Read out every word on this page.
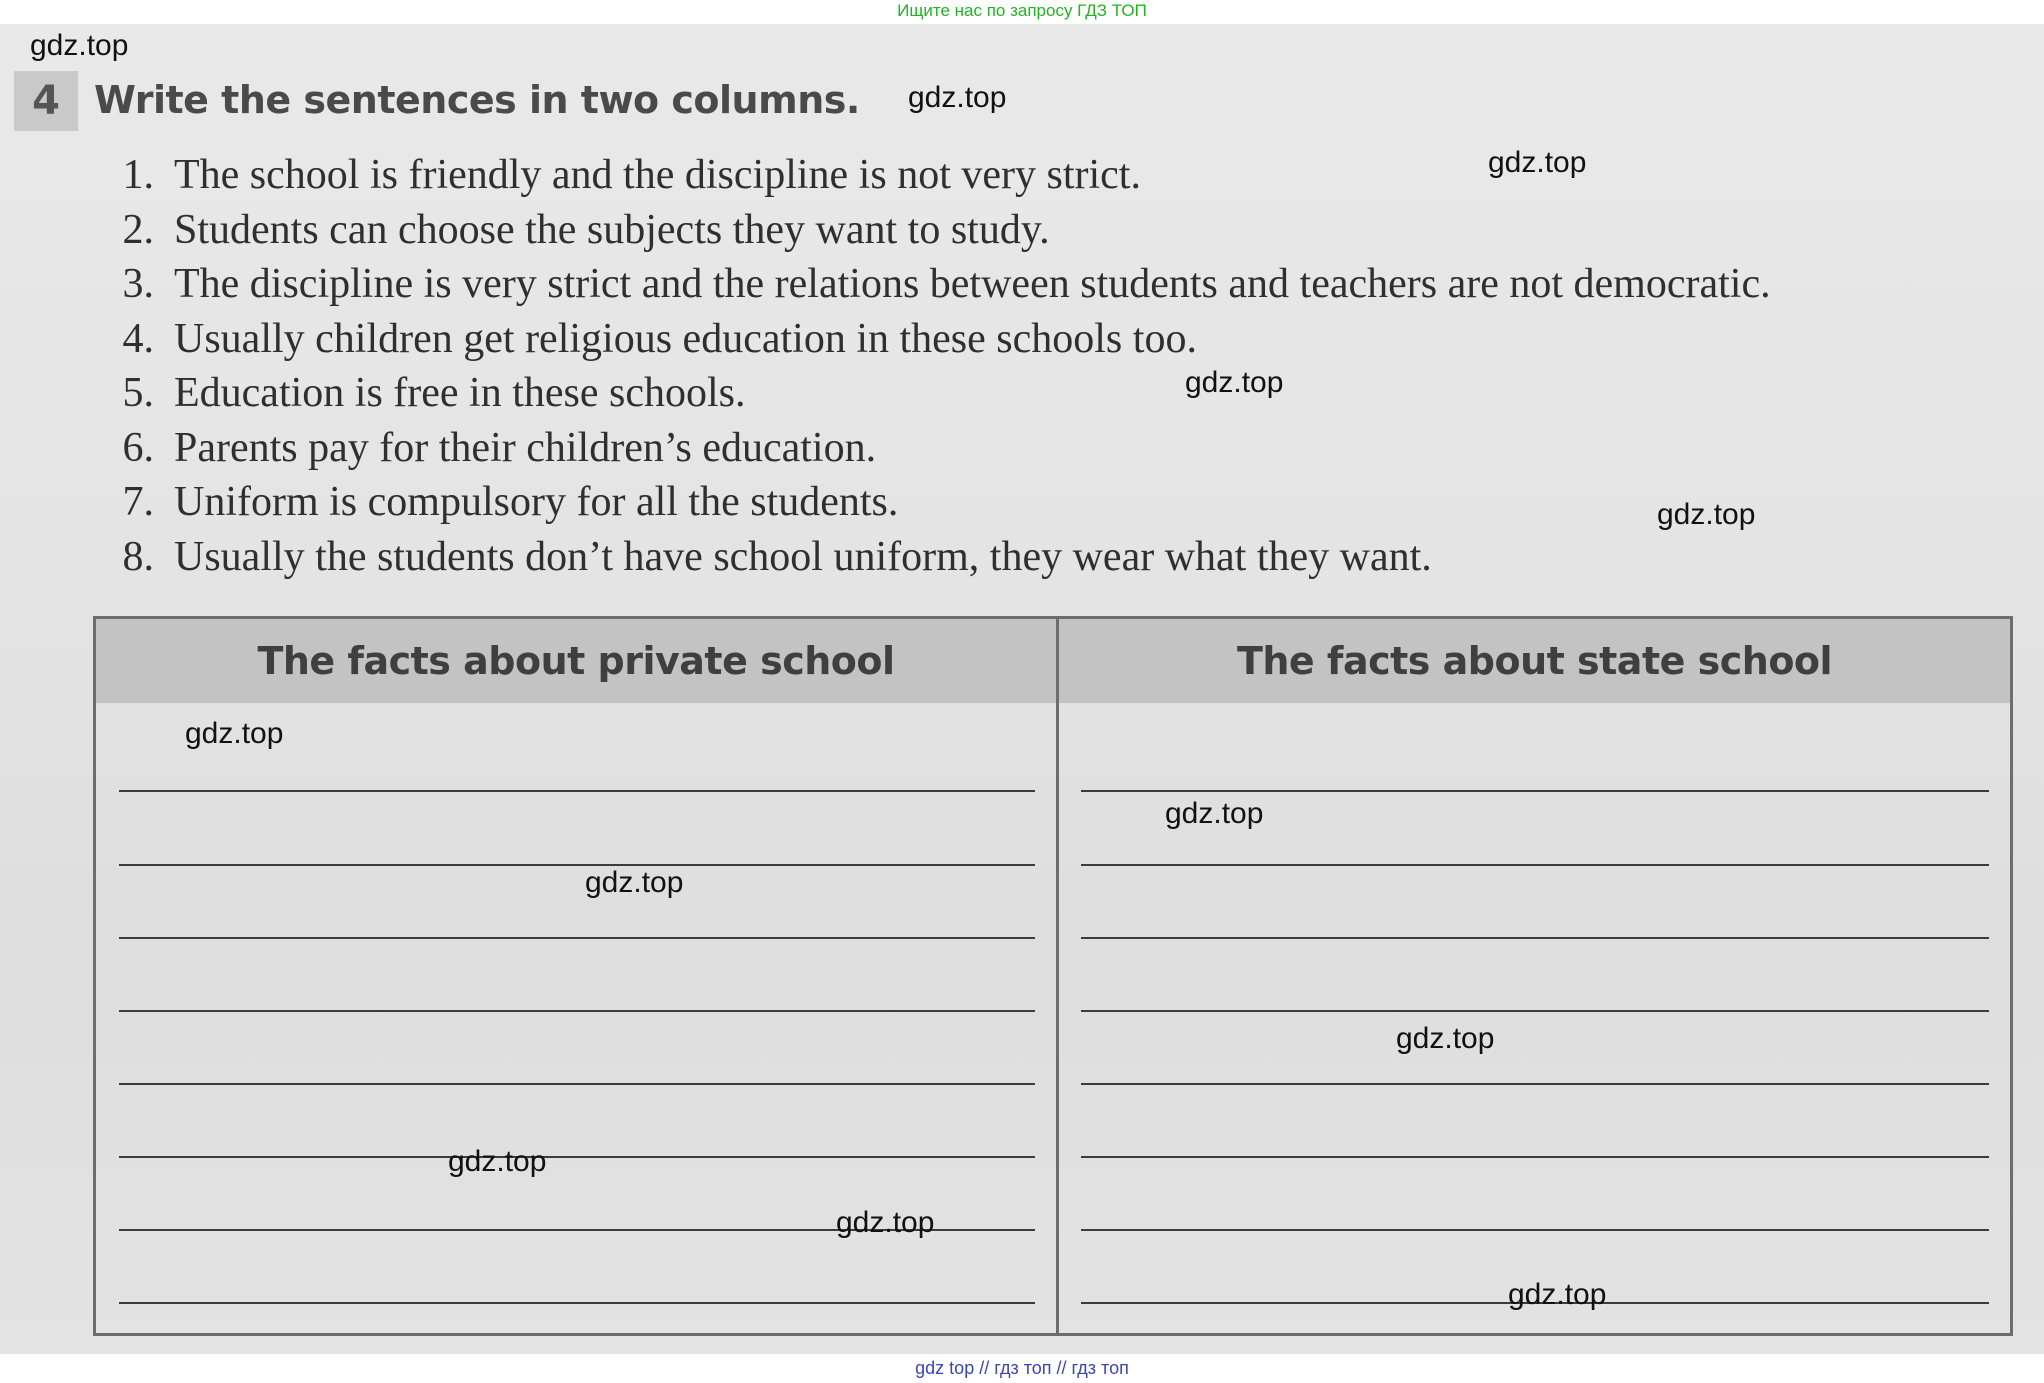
Ищите нас по запросу ГДЗ ТОП

4 Write the sentences in two columns.
1. The school is friendly and the discipline is not very strict.
2. Students can choose the subjects they want to study.
3. The discipline is very strict and the relations between students and teachers are not democratic.
4. Usually children get religious education in these schools too.
5. Education is free in these schools.
6. Parents pay for their children’s education.
7. Uniform is compulsory for all the students.
8. Usually the students don’t have school uniform, they wear what they want.
The facts about private school	The facts about state school
gdz.top
gdz.top
gdz.top
gdz.top
gdz.top
gdz.top
gdz.top
gdz.top
gdz.top
gdz.top
gdz.top
gdz.top
gdz top // гдз топ // гдз топ
